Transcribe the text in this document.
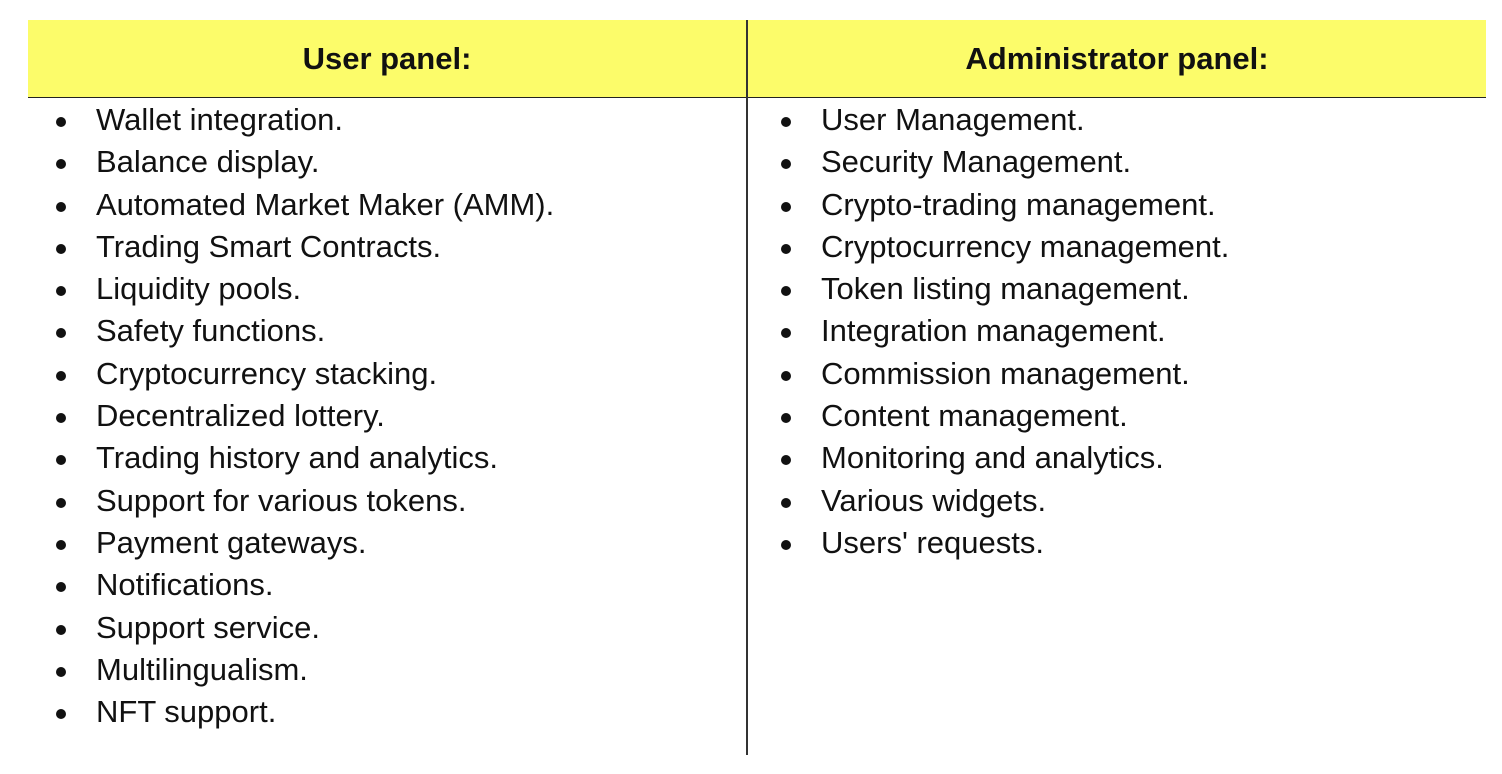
User panel:	Administrator panel:
Wallet integration.
Balance display.
Automated Market Maker (AMM).
Trading Smart Contracts.
Liquidity pools.
Safety functions.
Cryptocurrency stacking.
Decentralized lottery.
Trading history and analytics.
Support for various tokens.
Payment gateways.
Notifications.
Support service.
Multilingualism.
NFT support.
User Management.
Security Management.
Crypto-trading management.
Cryptocurrency management.
Token listing management.
Integration management.
Commission management.
Content management.
Monitoring and analytics.
Various widgets.
Users' requests.
